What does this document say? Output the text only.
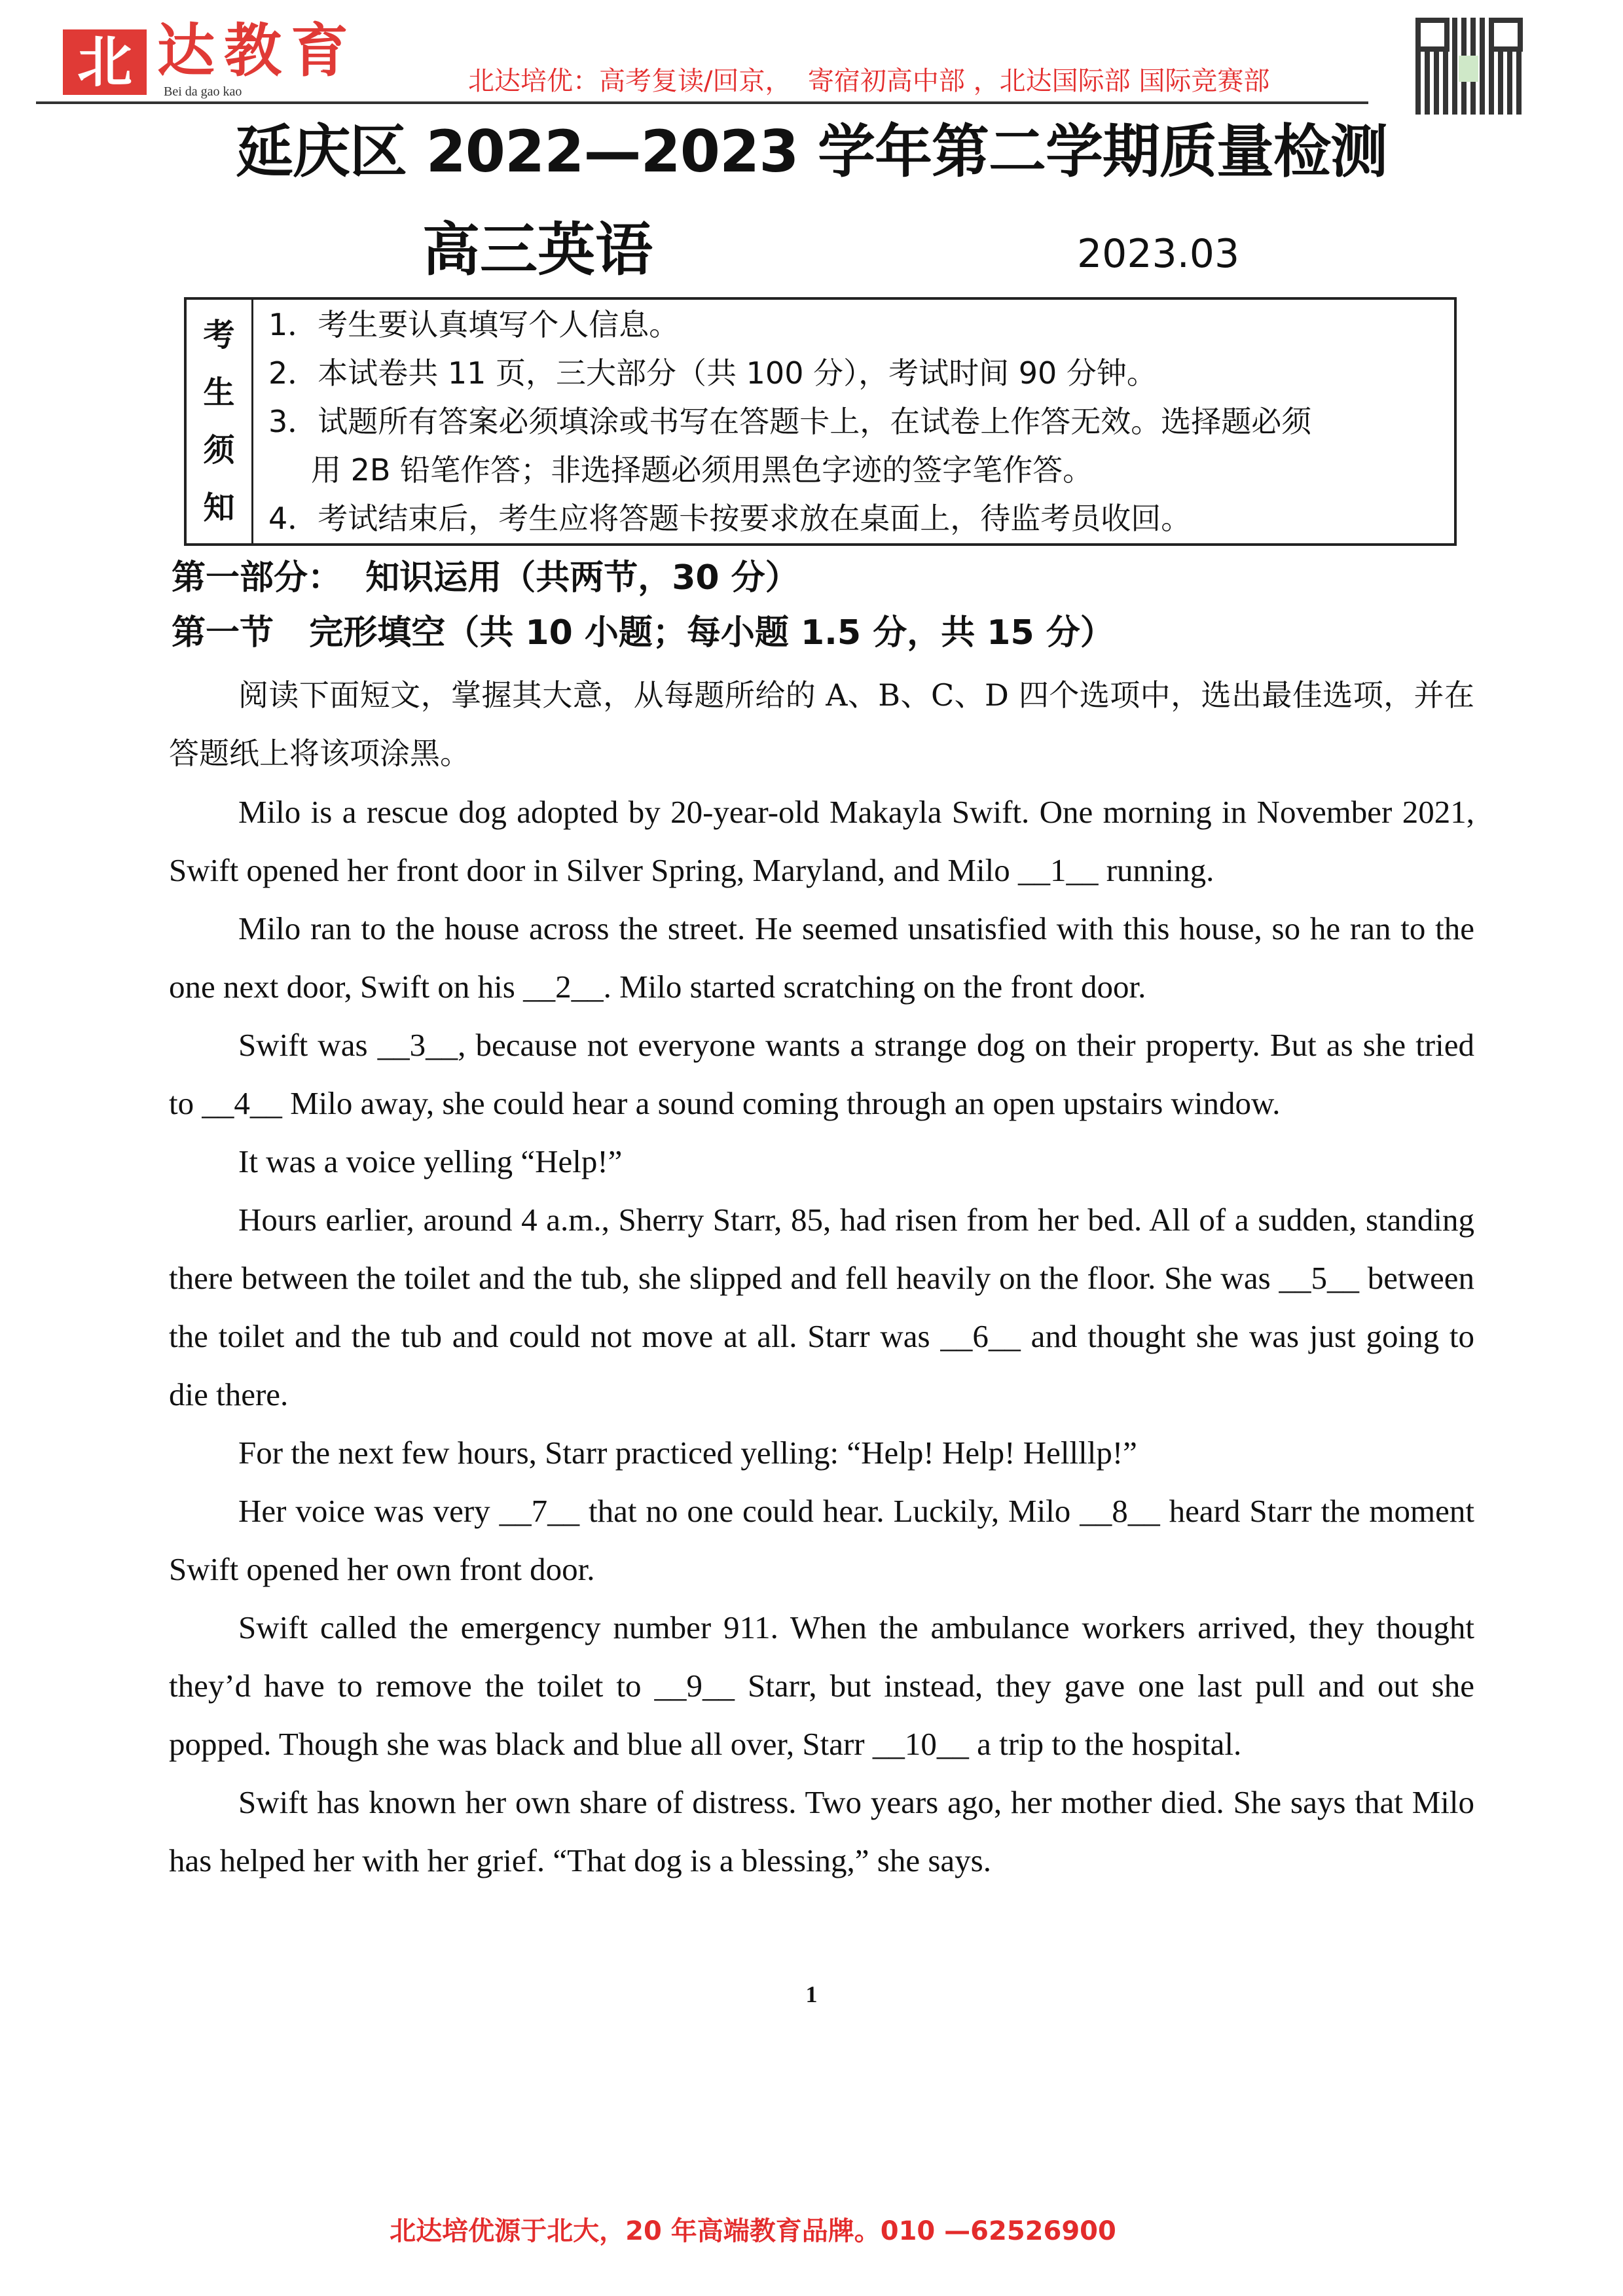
北 达教育
Bei da gao kao	北达培优：高考复读/回京，  寄宿初高中部 ，北达国际部 国际竞赛部
延庆区 2022—2023 学年第二学期质量检测
高三英语	2023.03
考
生
须
知
1．考生要认真填写个人信息。
2．本试卷共 11 页，三大部分（共 100 分），考试时间 90 分钟。
3．试题所有答案必须填涂或书写在答题卡上，在试卷上作答无效。选择题必须
用 2B 铅笔作答；非选择题必须用黑色字迹的签字笔作答。
4．考试结束后，考生应将答题卡按要求放在桌面上，待监考员收回。
第一部分：  知识运用（共两节，30 分）
第一节   完形填空（共 10 小题；每小题 1.5 分，共 15 分）

阅读下面短文，掌握其大意，从每题所给的 A、B、C、D 四个选项中，选出最佳选项，并在答题纸上将该项涂黑。

Milo is a rescue dog adopted by 20-year-old Makayla Swift. One morning in November 2021, Swift opened her front door in Silver Spring, Maryland, and Milo __1__ running.

Milo ran to the house across the street. He seemed unsatisfied with this house, so he ran to the one next door, Swift on his __2__. Milo started scratching on the front door.

Swift was __3__, because not everyone wants a strange dog on their property. But as she tried to __4__ Milo away, she could hear a sound coming through an open upstairs window.

It was a voice yelling “Help!”

Hours earlier, around 4 a.m., Sherry Starr, 85, had risen from her bed. All of a sudden, standing there between the toilet and the tub, she slipped and fell heavily on the floor. She was __5__ between the toilet and the tub and could not move at all. Starr was __6__ and thought she was just going to die there.

For the next few hours, Starr practiced yelling: “Help! Help! Hellllp!”

Her voice was very __7__ that no one could hear. Luckily, Milo __8__ heard Starr the moment Swift opened her own front door.

Swift called the emergency number 911. When the ambulance workers arrived, they thought they’d have to remove the toilet to __9__ Starr, but instead, they gave one last pull and out she popped. Though she was black and blue all over, Starr __10__ a trip to the hospital.

Swift has known her own share of distress. Two years ago, her mother died. She says that Milo has helped her with her grief. “That dog is a blessing,” she says.

1
北达培优源于北大，20 年高端教育品牌。010 —62526900
